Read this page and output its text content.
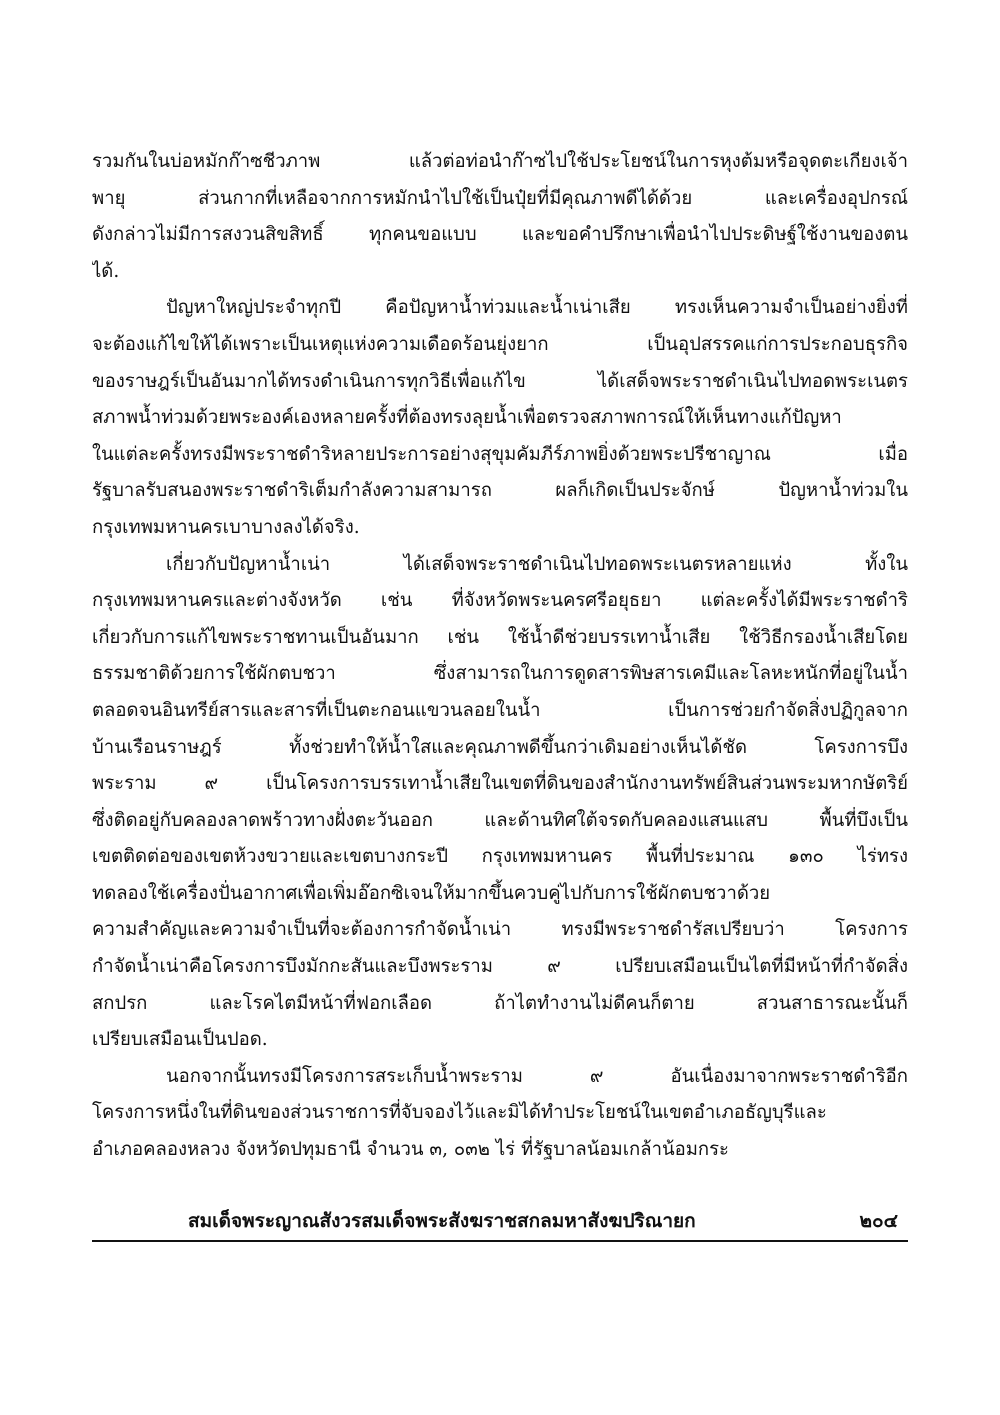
รวมกันในบ่อหมักก๊าซชีวภาพ แล้วต่อท่อนำก๊าซไปใช้ประโยชน์ในการหุงต้มหรือจุดตะเกียงเจ้า
พายุ ส่วนกากที่เหลือจากการหมักนำไปใช้เป็นปุ๋ยที่มีคุณภาพดีได้ด้วย และเครื่องอุปกรณ์
ดังกล่าวไม่มีการสงวนสิขสิทธิ์ ทุกคนขอแบบ และขอคำปรึกษาเพื่อนำไปประดิษฐ์ใช้งานของตน
ได้.
ปัญหาใหญ่ประจำทุกปี คือปัญหาน้ำท่วมและน้ำเน่าเสีย ทรงเห็นความจำเป็นอย่างยิ่งที่
จะต้องแก้ไขให้ได้เพราะเป็นเหตุแห่งความเดือดร้อนยุ่งยาก เป็นอุปสรรคแก่การประกอบธุรกิจ
ของราษฎร์เป็นอันมากได้ทรงดำเนินการทุกวิธีเพื่อแก้ไข ได้เสด็จพระราชดำเนินไปทอดพระเนตร
สภาพน้ำท่วมด้วยพระองค์เองหลายครั้งที่ต้องทรงลุยน้ำเพื่อตรวจสภาพการณ์ให้เห็นทางแก้ปัญหา
ในแต่ละครั้งทรงมีพระราชดำริหลายประการอย่างสุขุมคัมภีร์ภาพยิ่งด้วยพระปรีชาญาณ เมื่อ
รัฐบาลรับสนองพระราชดำริเต็มกำลังความสามารถ ผลก็เกิดเป็นประจักษ์ ปัญหาน้ำท่วมใน
กรุงเทพมหานครเบาบางลงได้จริง.
เกี่ยวกับปัญหาน้ำเน่า ได้เสด็จพระราชดำเนินไปทอดพระเนตรหลายแห่ง ทั้งใน
กรุงเทพมหานครและต่างจังหวัด เช่น ที่จังหวัดพระนครศรีอยุธยา แต่ละครั้งได้มีพระราชดำริ
เกี่ยวกับการแก้ไขพระราชทานเป็นอันมาก เช่น ใช้น้ำดีช่วยบรรเทาน้ำเสีย ใช้วิธีกรองน้ำเสียโดย
ธรรมชาติด้วยการใช้ผักตบชวา ซึ่งสามารถในการดูดสารพิษสารเคมีและโลหะหนักที่อยู่ในน้ำ
ตลอดจนอินทรีย์สารและสารที่เป็นตะกอนแขวนลอยในน้ำ เป็นการช่วยกำจัดสิ่งปฏิกูลจาก
บ้านเรือนราษฎร์ ทั้งช่วยทำให้น้ำใสและคุณภาพดีขึ้นกว่าเดิมอย่างเห็นได้ชัด โครงการบึง
พระราม ๙ เป็นโครงการบรรเทาน้ำเสียในเขตที่ดินของสำนักงานทรัพย์สินส่วนพระมหากษัตริย์
ซึ่งติดอยู่กับคลองลาดพร้าวทางฝั่งตะวันออก และด้านทิศใต้จรดกับคลองแสนแสบ พื้นที่บึงเป็น
เขตติดต่อของเขตห้วงขวายและเขตบางกระปี กรุงเทพมหานคร พื้นที่ประมาณ ๑๓๐ ไร่ทรง
ทดลองใช้เครื่องปั่นอากาศเพื่อเพิ่มอ๊อกซิเจนให้มากขึ้นควบคู่ไปกับการใช้ผักตบชวาด้วย
ความสำคัญและความจำเป็นที่จะต้องการกำจัดน้ำเน่า ทรงมีพระราชดำรัสเปรียบว่า โครงการ
กำจัดน้ำเน่าคือโครงการบึงมักกะสันและบึงพระราม ๙ เปรียบเสมือนเป็นไตที่มีหน้าที่กำจัดสิ่ง
สกปรก และโรคไตมีหน้าที่ฟอกเลือด ถ้าไตทำงานไม่ดีคนก็ตาย สวนสาธารณะนั้นก็
เปรียบเสมือนเป็นปอด.
นอกจากนั้นทรงมีโครงการสระเก็บน้ำพระราม ๙ อันเนื่องมาจากพระราชดำริอีก
โครงการหนึ่งในที่ดินของส่วนราชการที่จับจองไว้และมิได้ทำประโยชน์ในเขตอำเภอธัญบุรีและ
อำเภอคลองหลวง จังหวัดปทุมธานี จำนวน ๓, ๐๓๒ ไร่ ที่รัฐบาลน้อมเกล้าน้อมกระ
สมเด็จพระญาณสังวรสมเด็จพระสังฆราชสกลมหาสังฆปริณายก	๒๐๔
